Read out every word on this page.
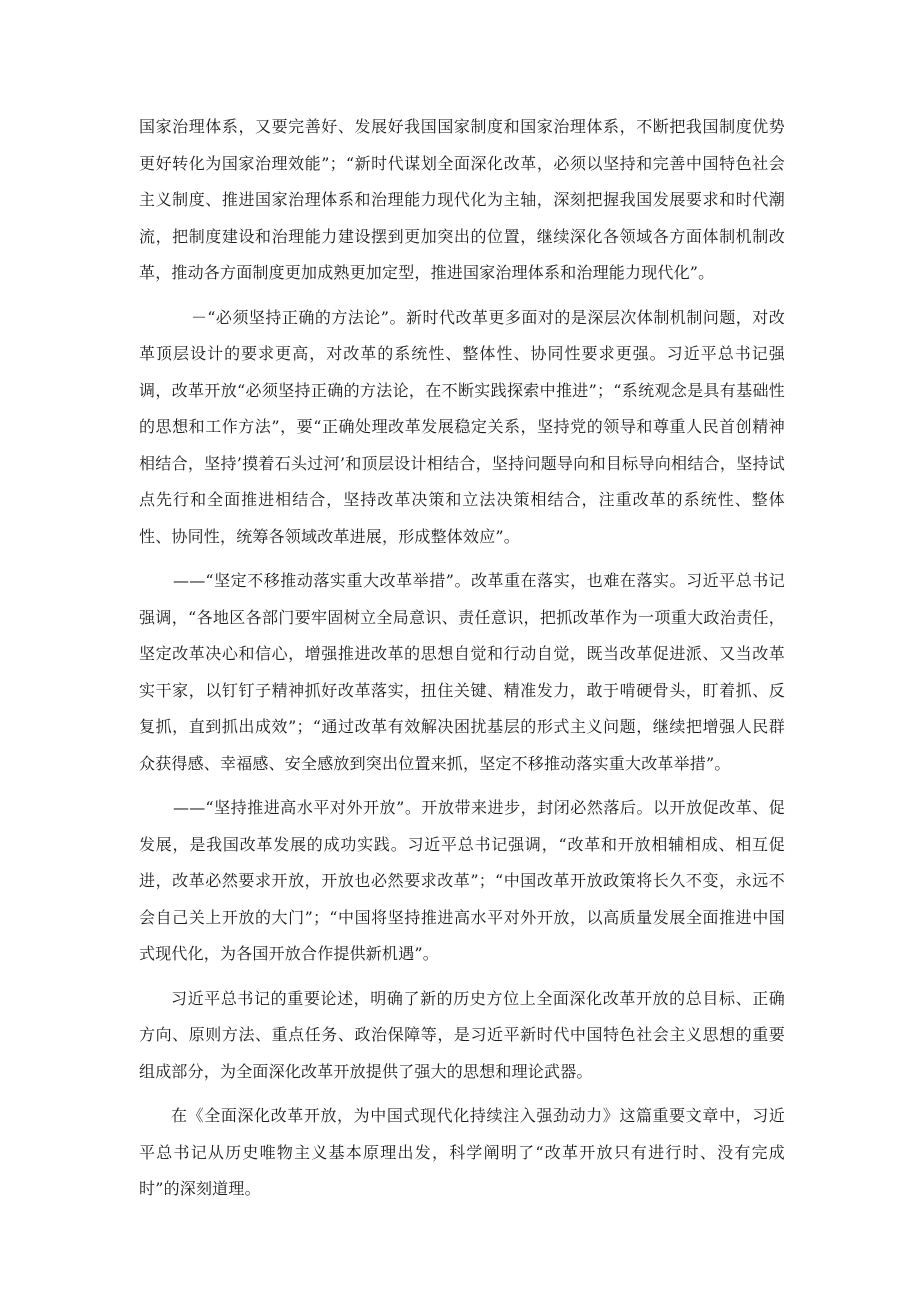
国家治理体系，又要完善好、发展好我国国家制度和国家治理体系，不断把我国制度优势更好转化为国家治理效能”；“新时代谋划全面深化改革，必须以坚持和完善中国特色社会主义制度、推进国家治理体系和治理能力现代化为主轴，深刻把握我国发展要求和时代潮流，把制度建设和治理能力建设摆到更加突出的位置，继续深化各领域各方面体制机制改革，推动各方面制度更加成熟更加定型，推进国家治理体系和治理能力现代化”。

－“必须坚持正确的方法论”。新时代改革更多面对的是深层次体制机制问题，对改革顶层设计的要求更高，对改革的系统性、整体性、协同性要求更强。习近平总书记强调，改革开放“必须坚持正确的方法论，在不断实践探索中推进”；“系统观念是具有基础性的思想和工作方法”，要“正确处理改革发展稳定关系，坚持党的领导和尊重人民首创精神相结合，坚持’摸着石头过河’和顶层设计相结合，坚持问题导向和目标导向相结合，坚持试点先行和全面推进相结合，坚持改革决策和立法决策相结合，注重改革的系统性、整体性、协同性，统筹各领域改革进展，形成整体效应”。

——“坚定不移推动落实重大改革举措”。改革重在落实，也难在落实。习近平总书记强调，“各地区各部门要牢固树立全局意识、责任意识，把抓改革作为一项重大政治责任，坚定改革决心和信心，增强推进改革的思想自觉和行动自觉，既当改革促进派、又当改革实干家，以钉钉子精神抓好改革落实，扭住关键、精准发力，敢于啃硬骨头，盯着抓、反复抓，直到抓出成效”；“通过改革有效解决困扰基层的形式主义问题，继续把增强人民群众获得感、幸福感、安全感放到突出位置来抓，坚定不移推动落实重大改革举措”。

——“坚持推进高水平对外开放”。开放带来进步，封闭必然落后。以开放促改革、促发展，是我国改革发展的成功实践。习近平总书记强调，“改革和开放相辅相成、相互促进，改革必然要求开放，开放也必然要求改革”；“中国改革开放政策将长久不变，永远不会自己关上开放的大门”；“中国将坚持推进高水平对外开放，以高质量发展全面推进中国式现代化，为各国开放合作提供新机遇”。

习近平总书记的重要论述，明确了新的历史方位上全面深化改革开放的总目标、正确方向、原则方法、重点任务、政治保障等，是习近平新时代中国特色社会主义思想的重要组成部分，为全面深化改革开放提供了强大的思想和理论武器。

在《全面深化改革开放，为中国式现代化持续注入强劲动力》这篇重要文章中，习近平总书记从历史唯物主义基本原理出发，科学阐明了“改革开放只有进行时、没有完成时”的深刻道理。
